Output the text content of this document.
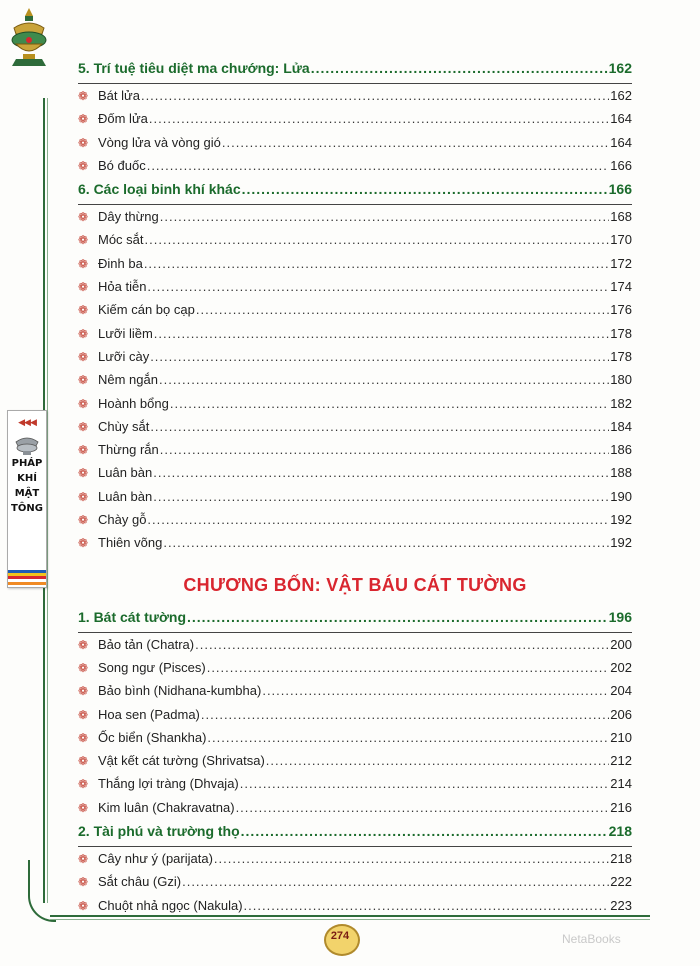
◀◀◀
PHÁP
KHÍ
MẬT
TÔNG
5. Trí tuệ tiêu diệt ma chướng: Lửa .....	162
❁ Bát lửa .....	162
❁ Đốm lửa .....	164
❁ Vòng lửa và vòng gió .....	164
❁ Bó đuốc .....	166
6. Các loại binh khí khác .....	166
❁ Dây thừng .....	168
❁ Móc sắt .....	170
❁ Đinh ba .....	172
❁ Hỏa tiễn .....	174
❁ Kiếm cán bọ cạp .....	176
❁ Lưỡi liềm .....	178
❁ Lưỡi cày .....	178
❁ Nêm ngắn .....	180
❁ Hoành bổng .....	182
❁ Chùy sắt .....	184
❁ Thừng rắn .....	186
❁ Luân bàn .....	188
❁ Luân bàn .....	190
❁ Chày gỗ .....	192
❁ Thiên võng .....	192
CHƯƠNG BỐN: VẬT BÁU CÁT TƯỜNG
1. Bát cát tường .....	196
❁ Bảo tản (Chatra) .....	200
❁ Song ngư (Pisces) .....	202
❁ Bảo bình (Nidhana-kumbha) .....	204
❁ Hoa sen (Padma) .....	206
❁ Ốc biển (Shankha) .....	210
❁ Vật kết cát tường (Shrivatsa) .....	212
❁ Thắng lợi tràng (Dhvaja) .....	214
❁ Kim luân (Chakravatna) .....	216
2. Tài phú và trường thọ .....	218
❁ Cây như ý (parijata) .....	218
❁ Sắt châu (Gzi) .....	222
❁ Chuột nhả ngọc (Nakula) .....	223
274	NetaBooks
